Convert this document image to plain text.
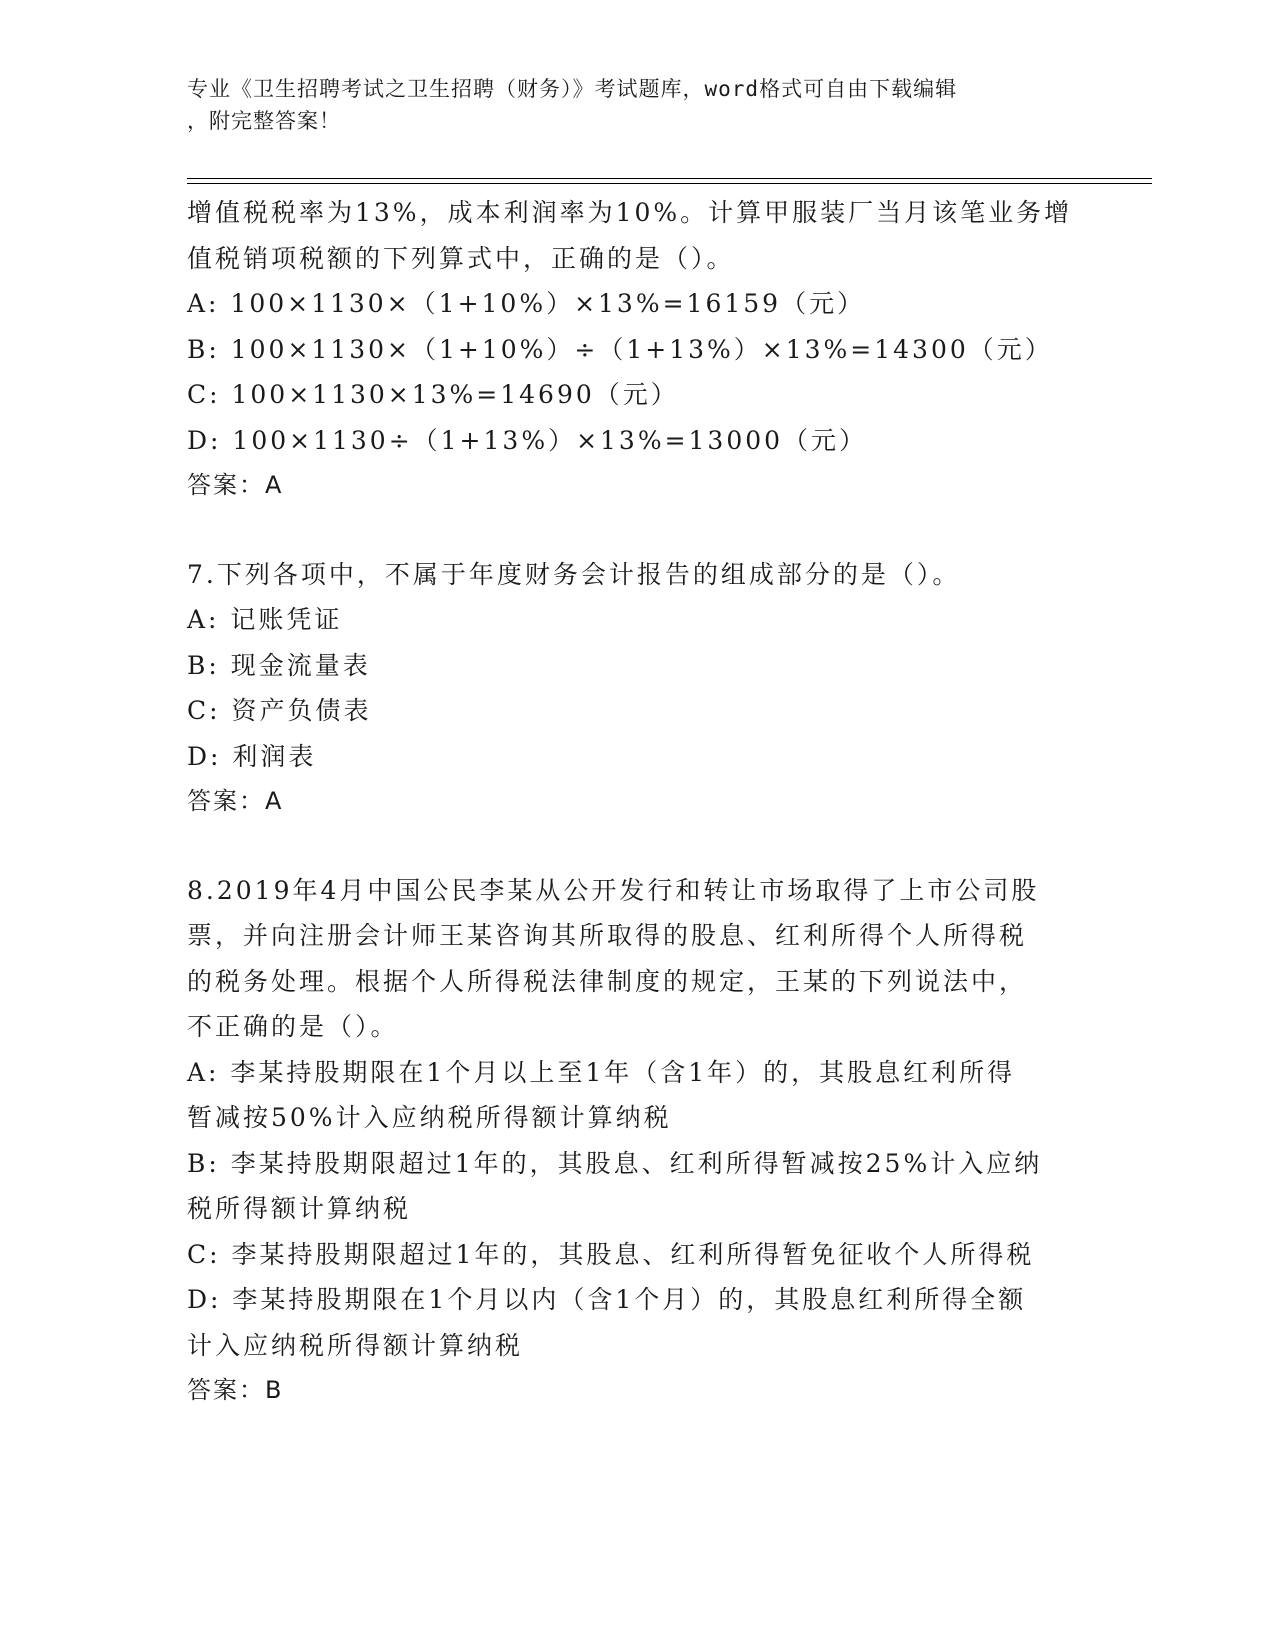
专业《卫生招聘考试之卫生招聘（财务）》考试题库，word格式可自由下载编辑
，附完整答案！
增值税税率为13%，成本利润率为10%。计算甲服装厂当月该笔业务增
值税销项税额的下列算式中，正确的是（）。
A: 100×1130×（1+10%）×13%=16159（元）
B: 100×1130×（1+10%）÷（1+13%）×13%=14300（元）
C: 100×1130×13%=14690（元）
D: 100×1130÷（1+13%）×13%=13000（元）
答案：A
7.下列各项中，不属于年度财务会计报告的组成部分的是（）。
A: 记账凭证
B: 现金流量表
C: 资产负债表
D: 利润表
答案：A
8.2019年4月中国公民李某从公开发行和转让市场取得了上市公司股
票，并向注册会计师王某咨询其所取得的股息、红利所得个人所得税
的税务处理。根据个人所得税法律制度的规定，王某的下列说法中，
不正确的是（）。
A: 李某持股期限在1个月以上至1年（含1年）的，其股息红利所得
暂减按50%计入应纳税所得额计算纳税
B: 李某持股期限超过1年的，其股息、红利所得暂减按25%计入应纳
税所得额计算纳税
C: 李某持股期限超过1年的，其股息、红利所得暂免征收个人所得税
D: 李某持股期限在1个月以内（含1个月）的，其股息红利所得全额
计入应纳税所得额计算纳税
答案：B
